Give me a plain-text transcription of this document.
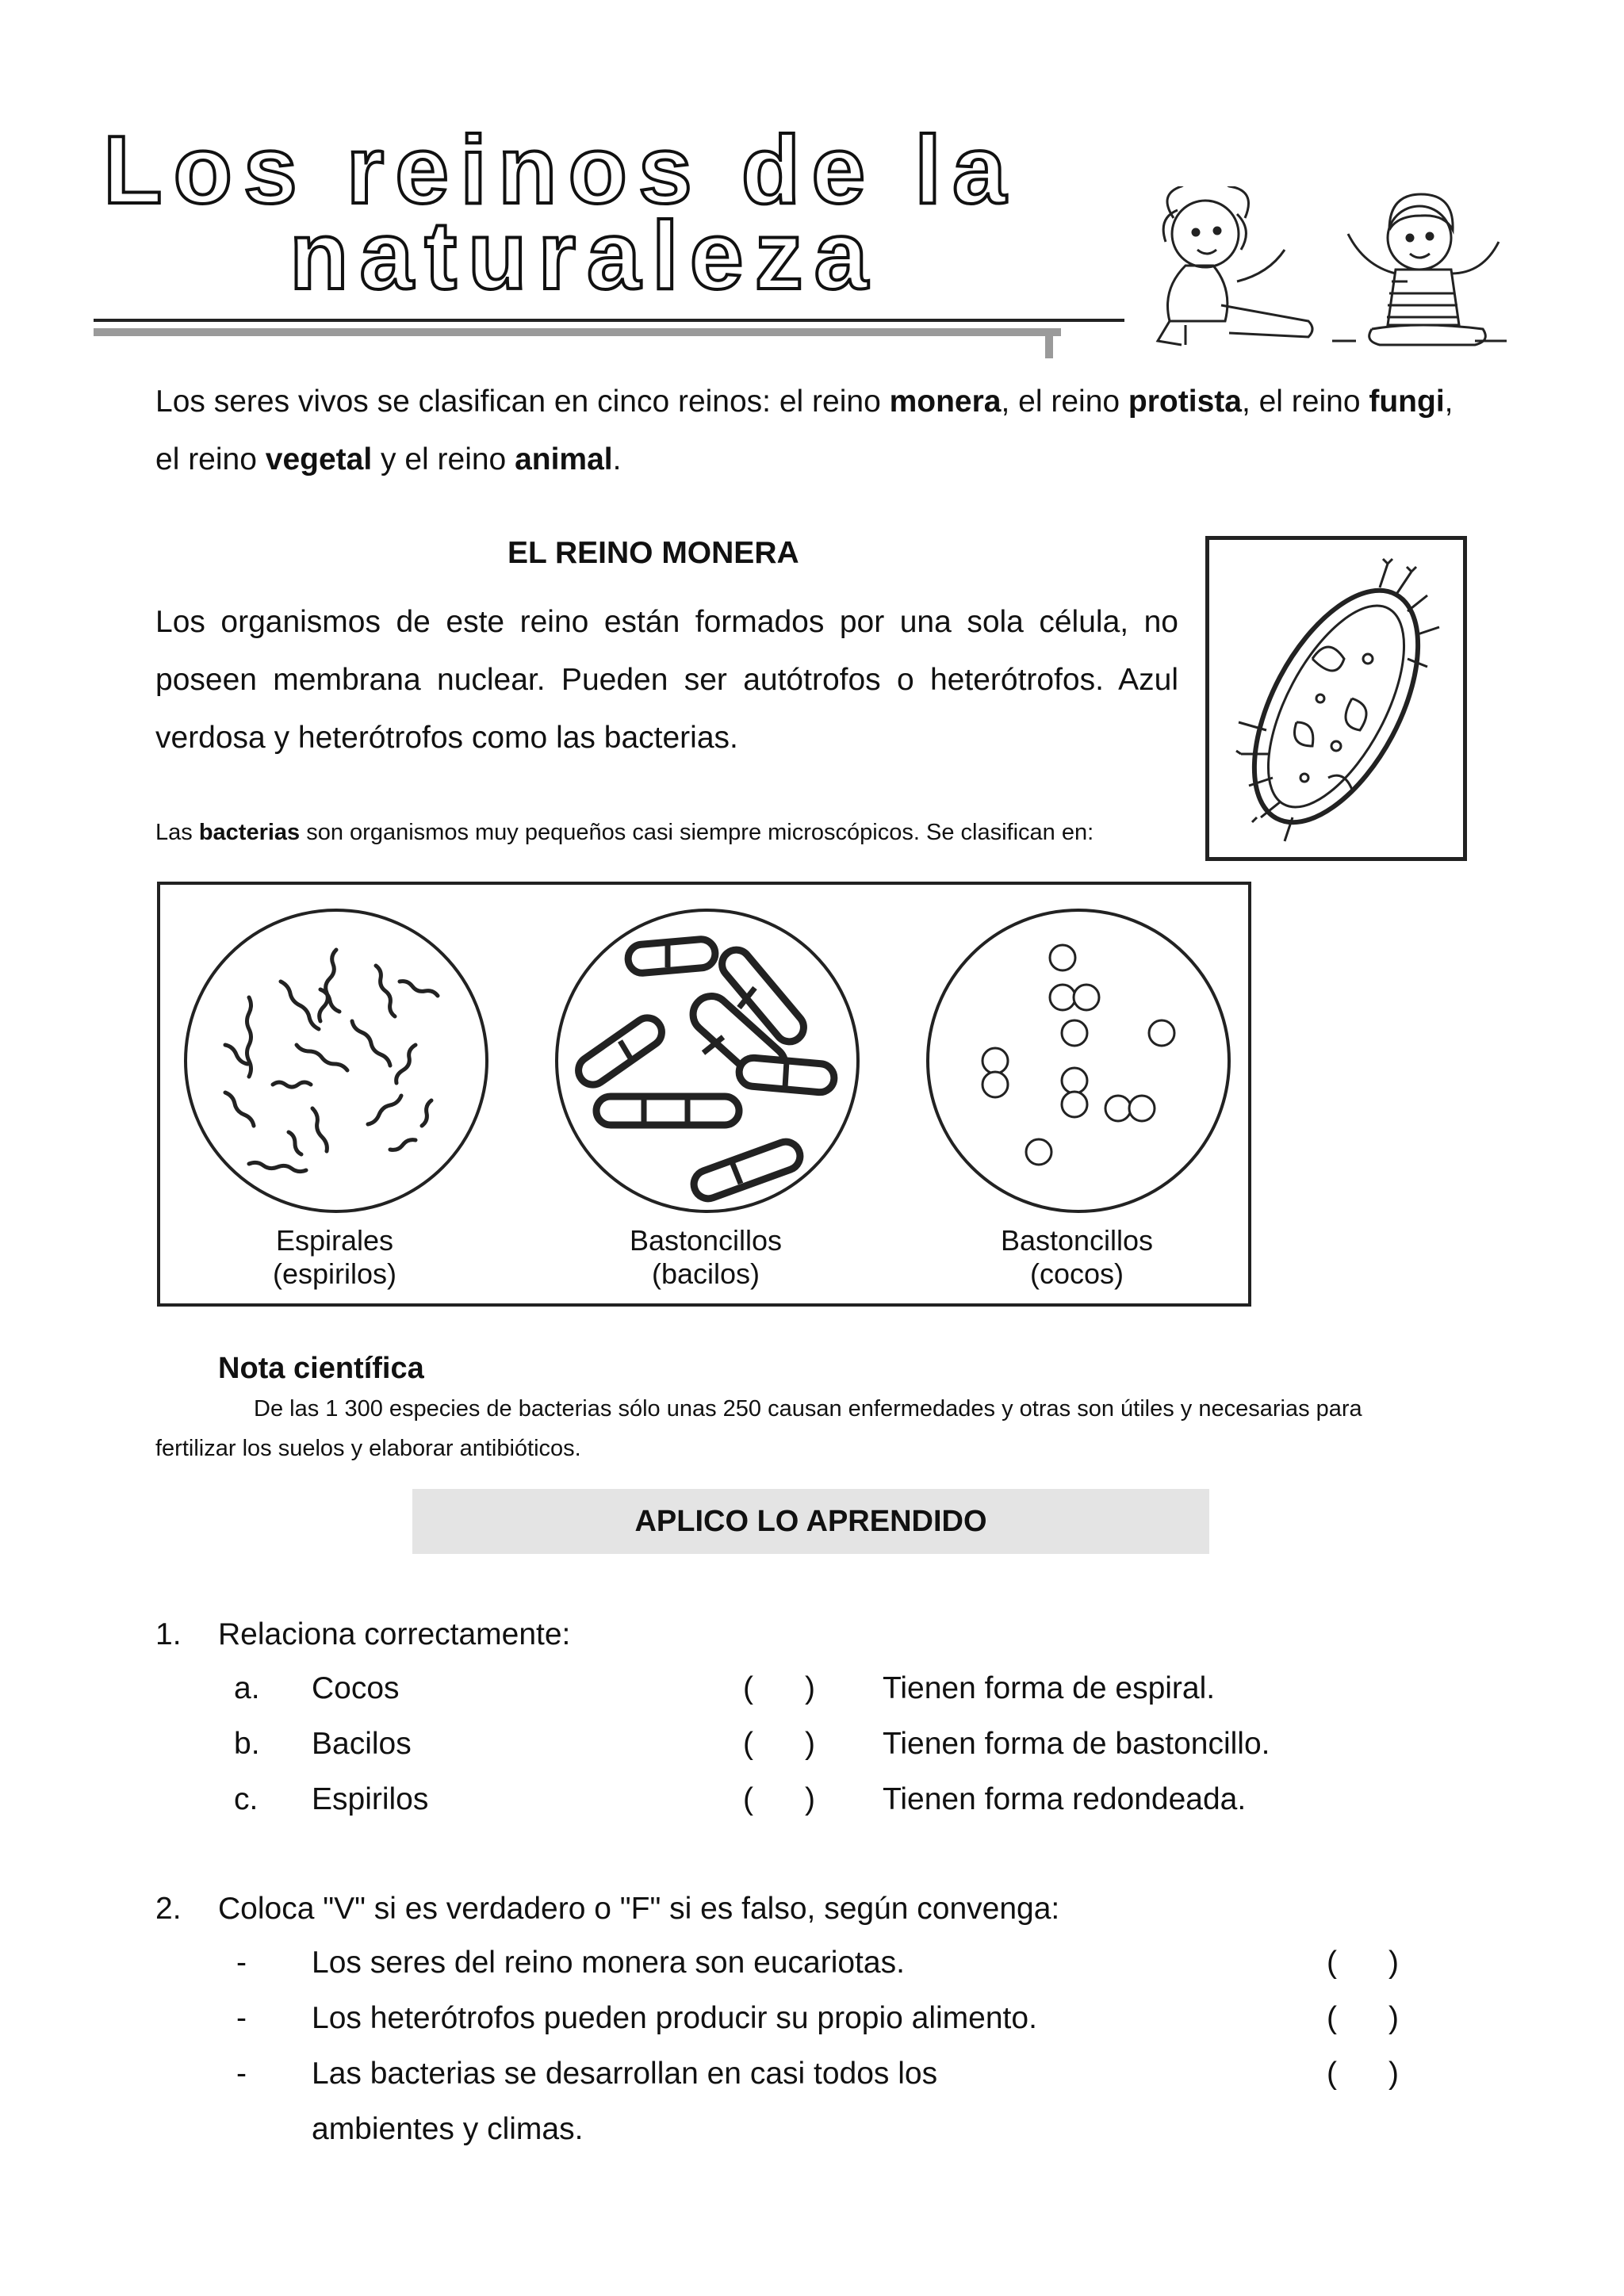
Los reinos de la
naturaleza
Los seres vivos se clasifican en cinco reinos: el reino monera, el reino protista, el reino fungi, el reino vegetal y el reino animal.
EL REINO MONERA
Los organismos de este reino están formados por una sola célula, no poseen membrana nuclear. Pueden ser autótrofos o heterótrofos. Azul verdosa y heterótrofos como las bacterias.
Las bacterias son organismos muy pequeños casi siempre microscópicos. Se clasifican en:
Espirales
(espirilos)
Bastoncillos
(bacilos)
Bastoncillos
(cocos)
Nota científica
De las 1 300 especies de bacterias sólo unas 250 causan enfermedades y otras son útiles y necesarias para
fertilizar los suelos y elaborar antibióticos.
APLICO LO APRENDIDO
1. Relaciona correctamente:
a. Cocos	(      ) Tienen forma de espiral.
b. Bacilos	(      ) Tienen forma de bastoncillo.
c. Espirilos	(      ) Tienen forma redondeada.
2. Coloca "V" si es verdadero o "F" si es falso, según convenga:
- Los seres del reino monera son eucariotas.	(      )
- Los heterótrofos pueden producir su propio alimento.	(      )
- Las bacterias se desarrollan en casi todos los
ambientes y climas.
(      )
